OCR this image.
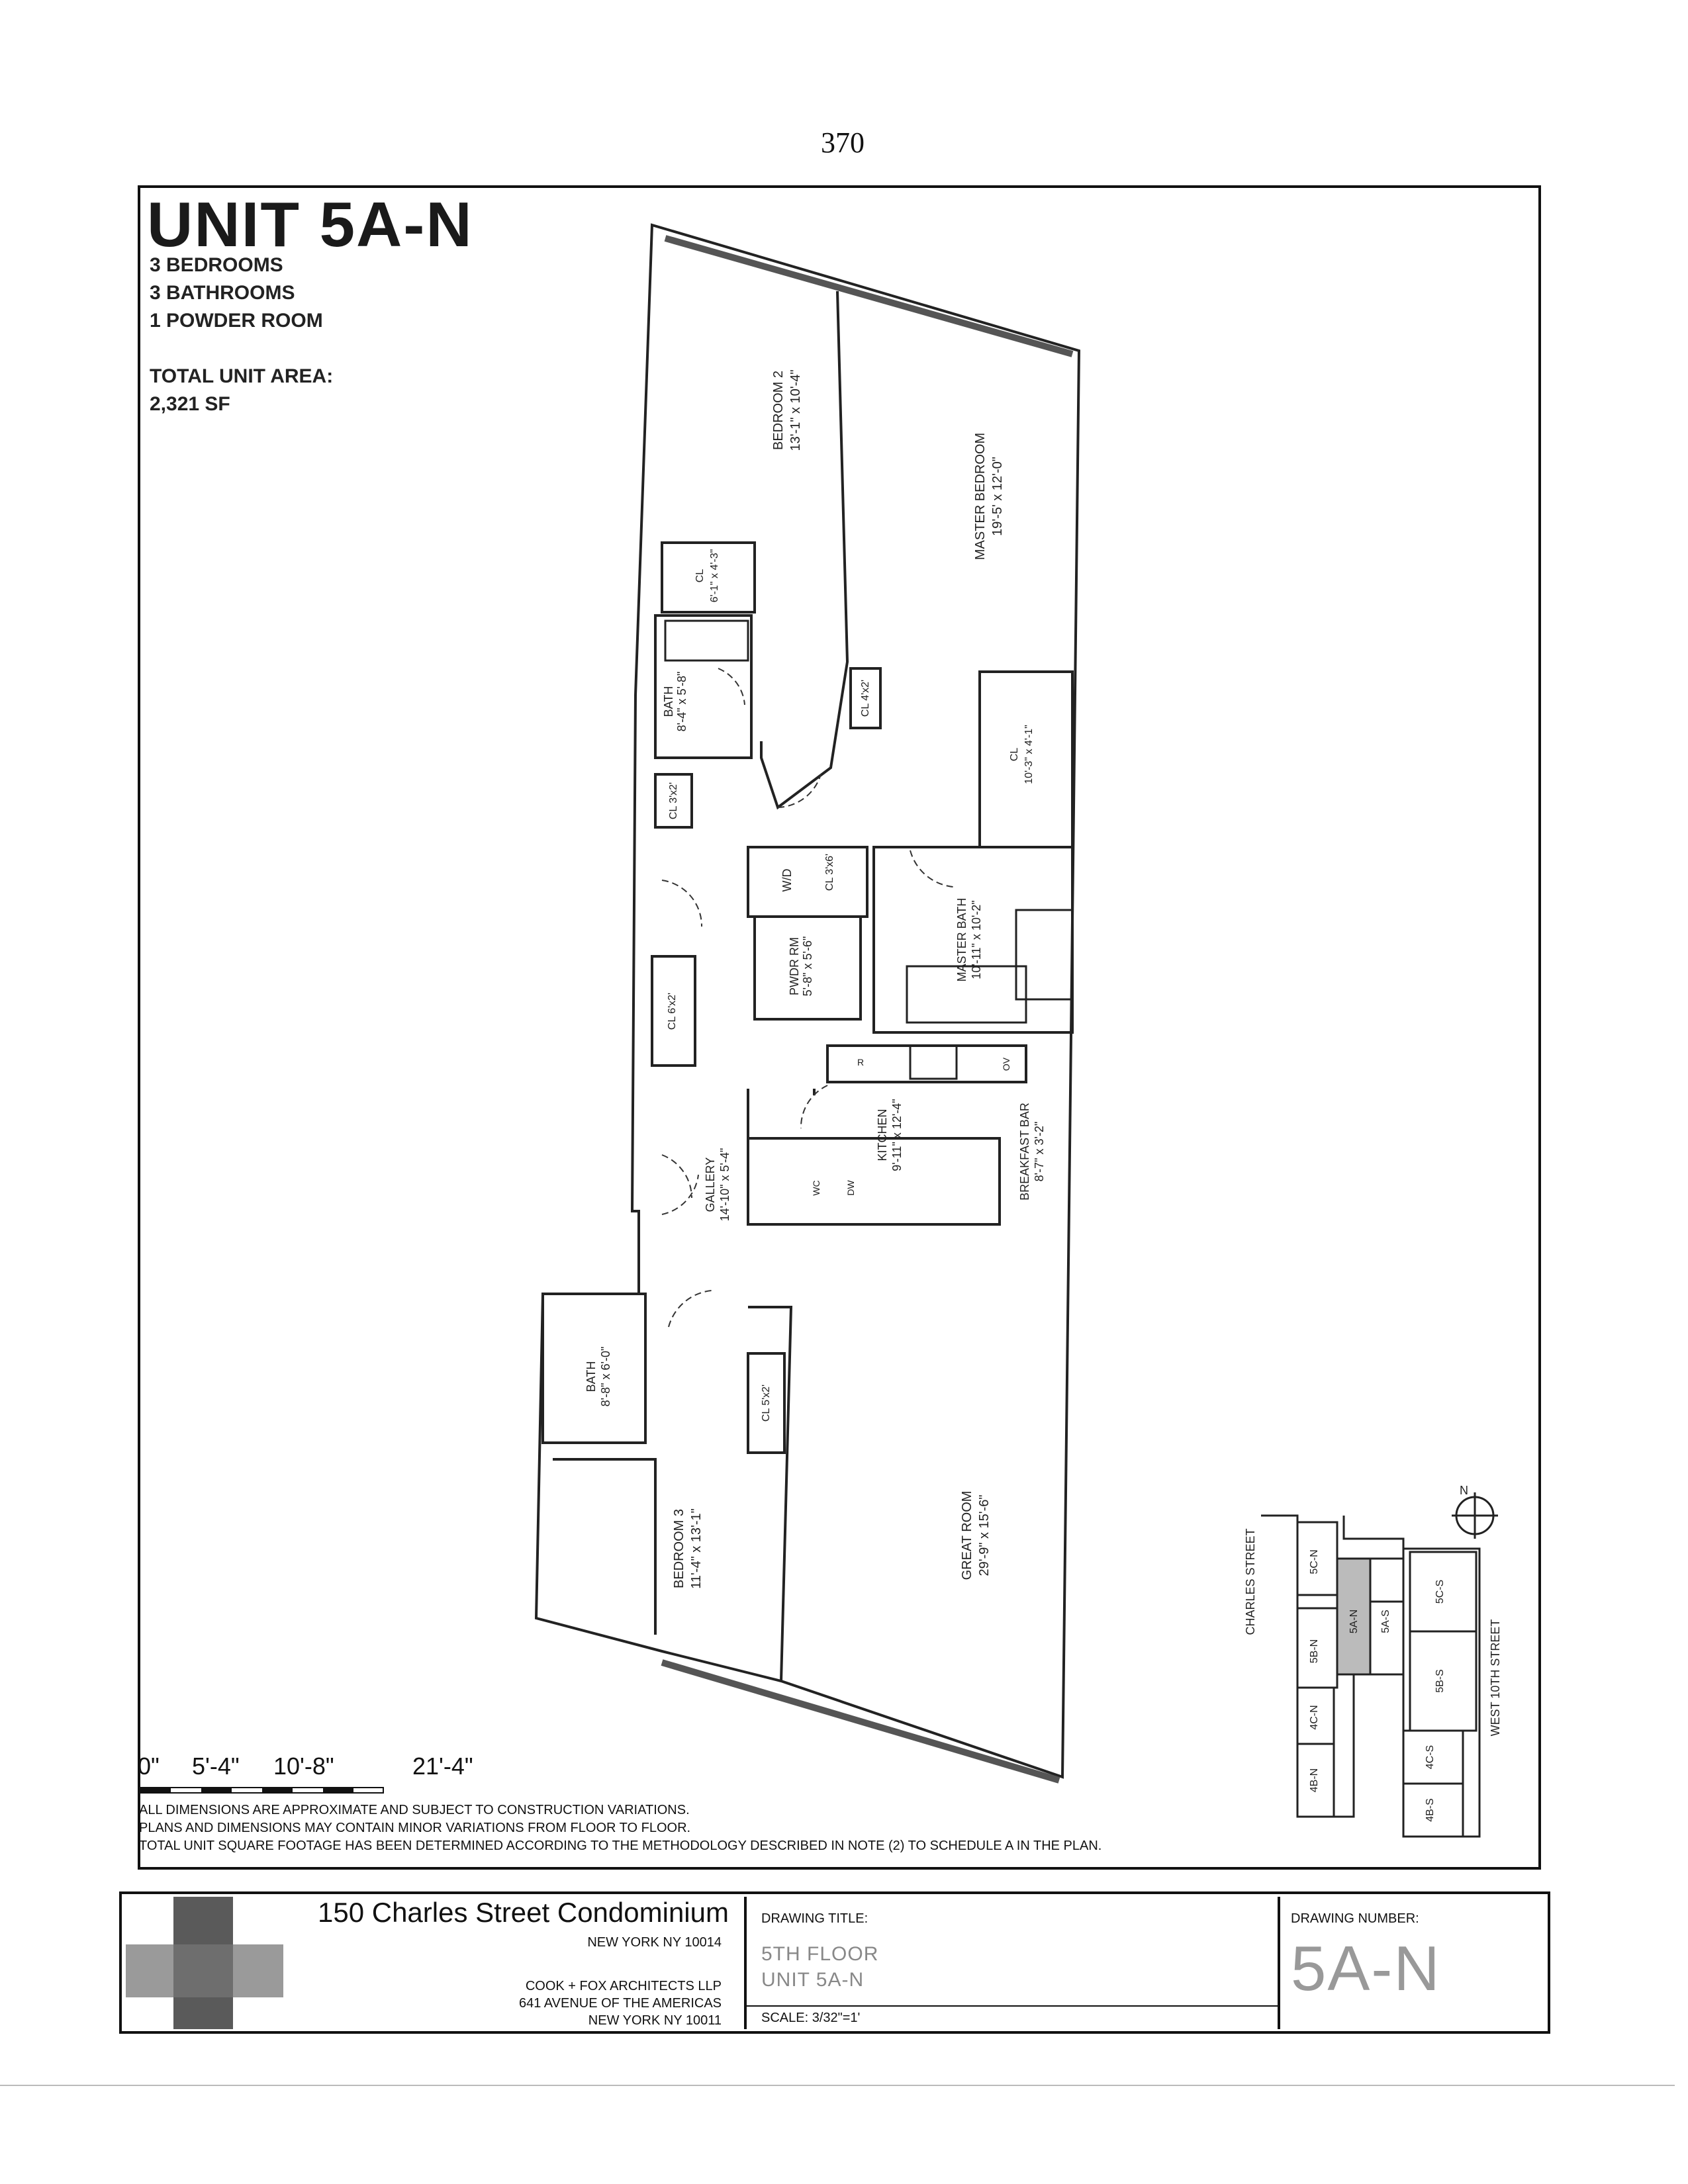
370
UNIT 5A-N
3 BEDROOMS
3 BATHROOMS
1 POWDER ROOM
TOTAL UNIT AREA:
2,321 SF	BEDROOM 2 13'-1" x 10'-4"
MASTER BEDROOM 19'-5' x 12'-0"
CL 6'-1" x 4'-3"
BATH 8'-4" x 5'-8"	CL 4'x2'
CL 10'-3" x 4'-1"
CL 3'x2'
W/D	CL 3'x6'
PWDR RM 5'-8" x 5'-6"	MASTER BATH 10'-11" x 10'-2"
CL 6'x2'
R	OV
KITCHEN 9'-11" x 12'-4"	BREAKFAST BAR 8'-7" x 3'-2"
WC	DW
GALLERY 14'-10" x 5'-4"
BATH 8'-8" x 6'-0"	CL 5'x2'
BEDROOM 3 11'-4" x 13'-1"	GREAT ROOM 29'-9" x 15'-6"	5C-N
5A-N 5A-S
5B-N
4C-N
4B-N
5C-S
5B-S
4C-S
4B-S
CHARLES STREET
WEST 10TH STREET
N
0" 5'-4" 10'-8"	21'-4"
ALL DIMENSIONS ARE APPROXIMATE AND SUBJECT TO CONSTRUCTION VARIATIONS.
PLANS AND DIMENSIONS MAY CONTAIN MINOR VARIATIONS FROM FLOOR TO FLOOR.
TOTAL UNIT SQUARE FOOTAGE HAS BEEN DETERMINED ACCORDING TO THE METHODOLOGY DESCRIBED IN NOTE (2) TO SCHEDULE A IN THE PLAN.
150 Charles Street Condominium
NEW YORK NY 10014
COOK + FOX ARCHITECTS LLP
641 AVENUE OF THE AMERICAS
NEW YORK NY 10011
DRAWING TITLE:
5TH FLOOR
UNIT 5A-N
SCALE: 3/32"=1'
DRAWING NUMBER:
5A-N
